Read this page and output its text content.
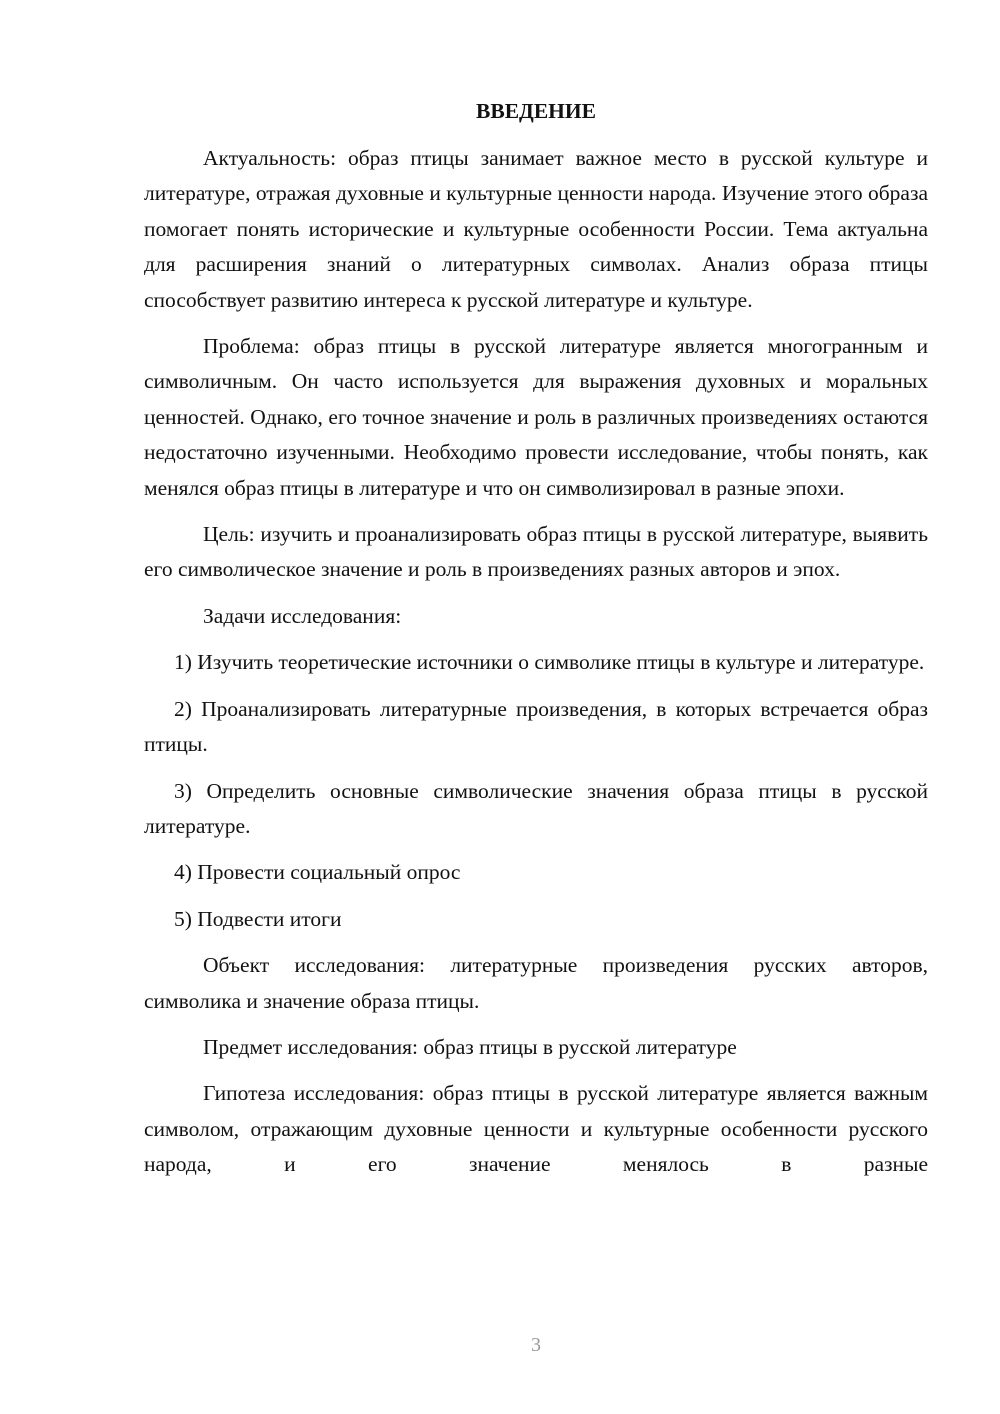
ВВЕДЕНИЕ

Актуальность: образ птицы занимает важное место в русской культуре и литературе, отражая духовные и культурные ценности народа. Изучение этого образа помогает понять исторические и культурные особенности России. Тема актуальна для расширения знаний о литературных символах. Анализ образа птицы способствует развитию интереса к русской литературе и культуре.

Проблема: образ птицы в русской литературе является многогранным и символичным. Он часто используется для выражения духовных и моральных ценностей. Однако, его точное значение и роль в различных произведениях остаются недостаточно изученными. Необходимо провести исследование, чтобы понять, как менялся образ птицы в литературе и что он символизировал в разные эпохи.

Цель: изучить и проанализировать образ птицы в русской литературе, выявить его символическое значение и роль в произведениях разных авторов и эпох.

Задачи исследования:

1) Изучить теоретические источники о символике птицы в культуре и литературе.

2) Проанализировать литературные произведения, в которых встречается образ птицы.

3) Определить основные символические значения образа птицы в русской литературе.

4) Провести социальный опрос

5) Подвести итоги

Объект исследования: литературные произведения русских авторов, символика и значение образа птицы.

Предмет исследования: образ птицы в русской литературе

Гипотеза исследования: образ птицы в русской литературе является важным символом, отражающим духовные ценности и культурные особенности русского народа, и его значение менялось в разные

3
